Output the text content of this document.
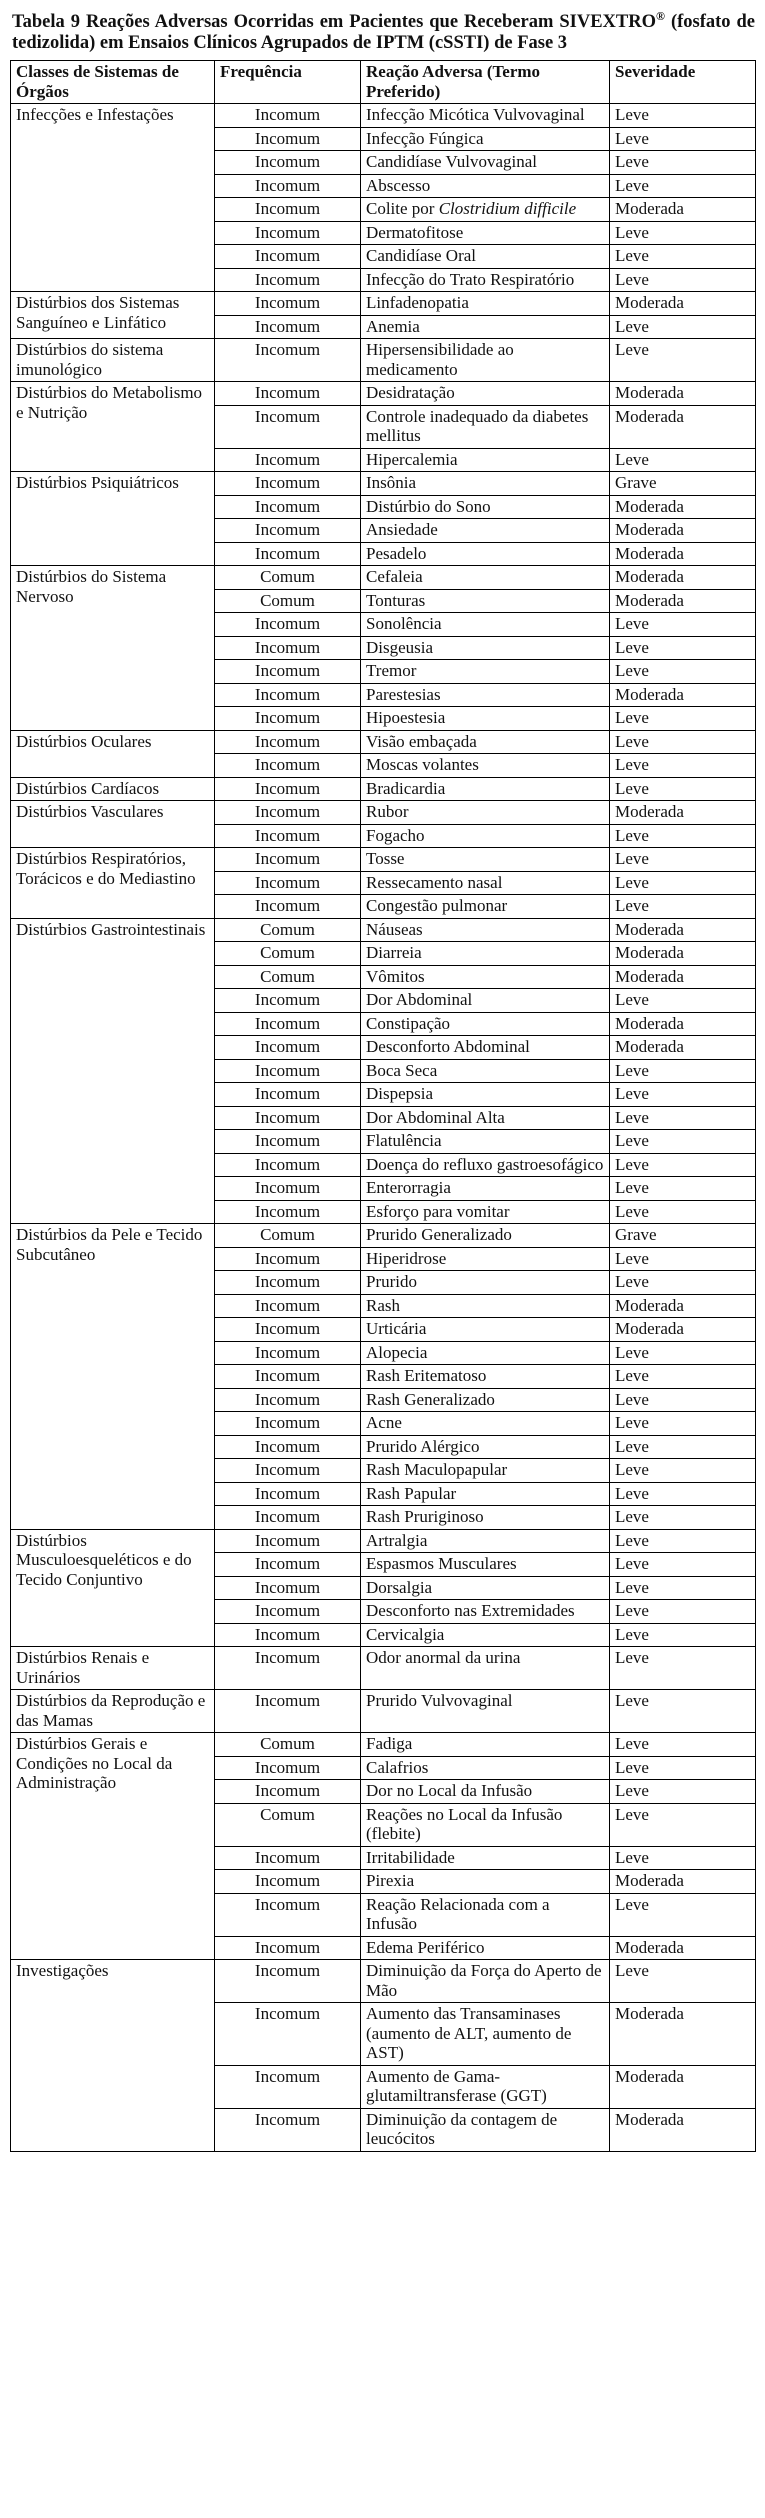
Tabela 9 Reações Adversas Ocorridas em Pacientes que Receberam SIVEXTRO® (fosfato de tedizolida) em Ensaios Clínicos Agrupados de IPTM (cSSTI) de Fase 3
Classes de Sistemas de Órgãos	Frequência	Reação Adversa (Termo Preferido)	Severidade
Infecções e Infestações	Incomum	Infecção Micótica Vulvovaginal	Leve
	Incomum	Infecção Fúngica	Leve
	Incomum	Candidíase Vulvovaginal	Leve
	Incomum	Abscesso	Leve
	Incomum	Colite por Clostridium difficile	Moderada
	Incomum	Dermatofitose	Leve
	Incomum	Candidíase Oral	Leve
	Incomum	Infecção do Trato Respiratório	Leve
Distúrbios dos Sistemas Sanguíneo e Linfático	Incomum	Linfadenopatia	Moderada
	Incomum	Anemia	Leve
Distúrbios do sistema imunológico	Incomum	Hipersensibilidade ao medicamento	Leve
Distúrbios do Metabolismo e Nutrição	Incomum	Desidratação	Moderada
	Incomum	Controle inadequado da diabetes mellitus	Moderada
	Incomum	Hipercalemia	Leve
Distúrbios Psiquiátricos	Incomum	Insônia	Grave
	Incomum	Distúrbio do Sono	Moderada
	Incomum	Ansiedade	Moderada
	Incomum	Pesadelo	Moderada
Distúrbios do Sistema Nervoso	Comum	Cefaleia	Moderada
	Comum	Tonturas	Moderada
	Incomum	Sonolência	Leve
	Incomum	Disgeusia	Leve
	Incomum	Tremor	Leve
	Incomum	Parestesias	Moderada
	Incomum	Hipoestesia	Leve
Distúrbios Oculares	Incomum	Visão embaçada	Leve
	Incomum	Moscas volantes	Leve
Distúrbios Cardíacos	Incomum	Bradicardia	Leve
Distúrbios Vasculares	Incomum	Rubor	Moderada
	Incomum	Fogacho	Leve
Distúrbios Respiratórios, Torácicos e do Mediastino	Incomum	Tosse	Leve
	Incomum	Ressecamento nasal	Leve
	Incomum	Congestão pulmonar	Leve
Distúrbios Gastrointestinais	Comum	Náuseas	Moderada
	Comum	Diarreia	Moderada
	Comum	Vômitos	Moderada
	Incomum	Dor Abdominal	Leve
	Incomum	Constipação	Moderada
	Incomum	Desconforto Abdominal	Moderada
	Incomum	Boca Seca	Leve
	Incomum	Dispepsia	Leve
	Incomum	Dor Abdominal Alta	Leve
	Incomum	Flatulência	Leve
	Incomum	Doença do refluxo gastroesofágico	Leve
	Incomum	Enterorragia	Leve
	Incomum	Esforço para vomitar	Leve
Distúrbios da Pele e Tecido Subcutâneo	Comum	Prurido Generalizado	Grave
	Incomum	Hiperidrose	Leve
	Incomum	Prurido	Leve
	Incomum	Rash	Moderada
	Incomum	Urticária	Moderada
	Incomum	Alopecia	Leve
	Incomum	Rash Eritematoso	Leve
	Incomum	Rash Generalizado	Leve
	Incomum	Acne	Leve
	Incomum	Prurido Alérgico	Leve
	Incomum	Rash Maculopapular	Leve
	Incomum	Rash Papular	Leve
	Incomum	Rash Pruriginoso	Leve
Distúrbios Musculoesqueléticos e do Tecido Conjuntivo	Incomum	Artralgia	Leve
	Incomum	Espasmos Musculares	Leve
	Incomum	Dorsalgia	Leve
	Incomum	Desconforto nas Extremidades	Leve
	Incomum	Cervicalgia	Leve
Distúrbios Renais e Urinários	Incomum	Odor anormal da urina	Leve
Distúrbios da Reprodução e das Mamas	Incomum	Prurido Vulvovaginal	Leve
Distúrbios Gerais e Condições no Local da Administração	Comum	Fadiga	Leve
	Incomum	Calafrios	Leve
	Incomum	Dor no Local da Infusão	Leve
	Comum	Reações no Local da Infusão (flebite)	Leve
	Incomum	Irritabilidade	Leve
	Incomum	Pirexia	Moderada
	Incomum	Reação Relacionada com a Infusão	Leve
	Incomum	Edema Periférico	Moderada
Investigações	Incomum	Diminuição da Força do Aperto de Mão	Leve
	Incomum	Aumento das Transaminases (aumento de ALT, aumento de AST)	Moderada
	Incomum	Aumento de Gama-glutamiltransferase (GGT)	Moderada
	Incomum	Diminuição da contagem de leucócitos	Moderada
